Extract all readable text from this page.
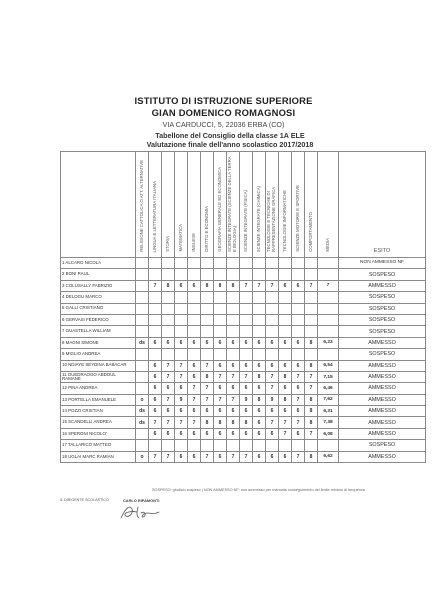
ISTITUTO DI ISTRUZIONE SUPERIORE
GIAN DOMENICO ROMAGNOSI
VIA CARDUCCI, 5, 22036 ERBA (CO)
Tabellone del Consiglio della classe 1A ELE
Valutazione finale dell'anno scolastico 2017/2018
	RELIGIONE CATTOLICA O ATT. ALTERNATIVE	LINGUA E LETTERATURA ITALIANA	STORIA	MATEMATICA	INGLESE	DIRITTO E ECONOMIA	GEOGRAFIA GENERALE ED ECONOMICA	SCIENZE INTEGRATE (SCIENZE DELLA TERRA E BIOLOGIA)	SCIENZE INTEGRATE (FISICA)	SCIENZE INTEGRATE (CHIMICA)	TECNOLOGIE E TECNICHE DI RAPPRESENTAZIONE GRAFICA	TECNOLOGIE INFORMATICHE	SCIENZE MOTORIE E SPORTIVE	COMPORTAMENTO	MEDIA	ESITO
1 ALCARO NICOLA																NON AMMESSO NF
2 BONI RAUL																SOSPESO
3 COLUSALLY FABRIZIO		7	8	6	6	8	8	8	7	7	7	6	6	7	7	AMMESSO
4 DELOGU MARCO																SOSPESO
5 GALLI CRISTIANO																SOSPESO
6 GERVASI FEDERICO																SOSPESO
7 GUASTELLA WILLIAM																SOSPESO
8 MAGNI SIMONE	ds	6	6	6	6	6	6	6	6	6	6	6	6	8	6,23	AMMESSO
9 MIGLIO ANDREA																SOSPESO
10 NDIAYE SEYDINA BABACAR		6	7	7	6	7	6	6	6	6	6	6	6	8	6,54	AMMESSO
11 OUEDRAOGO ABDOUL RAMANE		6	7	7	6	8	7	7	7	8	7	8	7	7	7,15	AMMESSO
12 PINA ANDREA		6	6	6	7	7	6	6	6	6	7	6	6	7	6,46	AMMESSO
13 PORTELLA EMANUELE	o	6	7	9	7	7	7	7	9	8	9	8	7	8	7,62	AMMESSO
14 POZZI CRISTIAN	ds	6	6	6	6	6	6	6	6	6	6	6	6	8	6,31	AMMESSO
15 SCANDELLI ANDREA	ds	7	7	7	7	8	8	8	8	6	7	7	7	8	7,38	AMMESSO
16 SPERONI NICOLO'		6	6	6	6	6	6	6	6	6	6	7	6	7	6,08	AMMESSO
17 TALLARICO MATTEO																SOSPESO
18 UGLAI MARC RAMIAN	o	7	7	6	6	7	6	7	7	6	6	6	7	8	6,62	AMMESSO
SOSPESO: giudizio sospeso | NON AMMESSO NF: non ammesso per mancata conseguimento del limite minimo di frequenza
IL DIRIGENTE SCOLASTICO	CARLO RIPAMONTI
